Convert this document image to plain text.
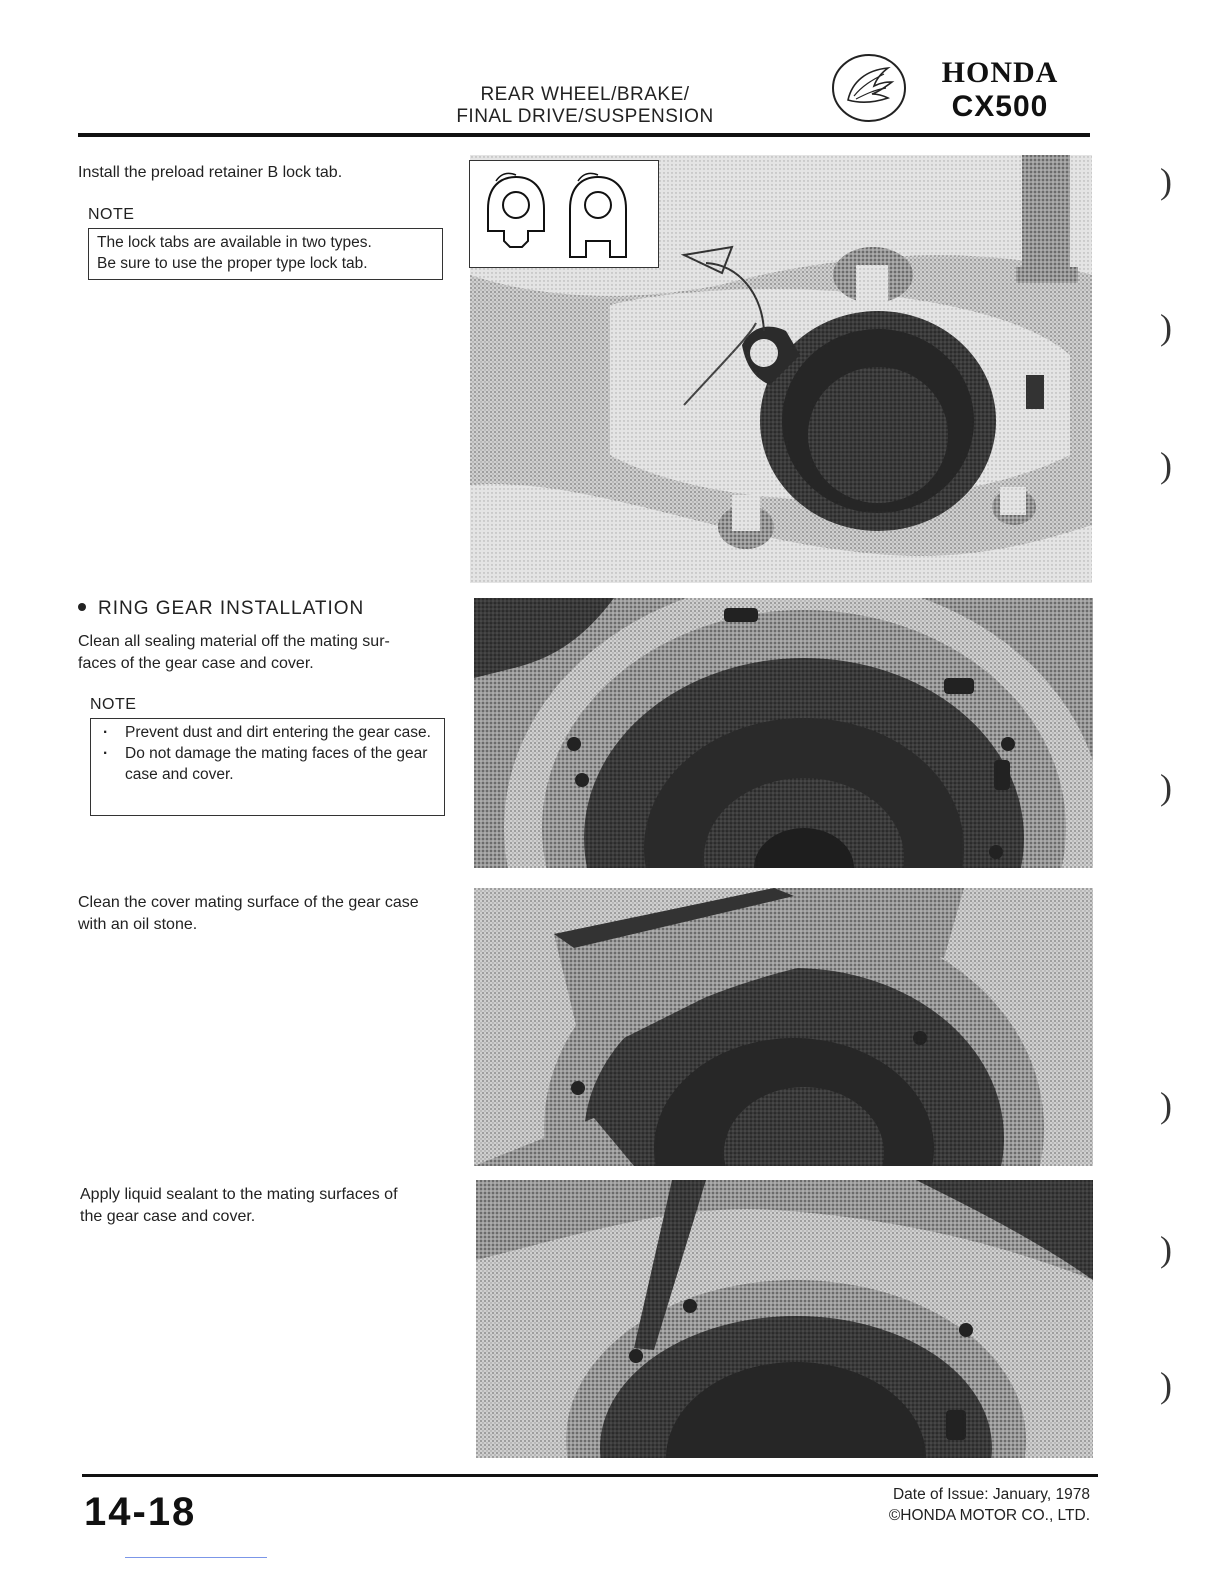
REAR WHEEL/BRAKE/
FINAL DRIVE/SUSPENSION
HONDA
CX500
Install the preload retainer B lock tab.
NOTE
The lock tabs are available in two types.
Be sure to use the proper type lock tab.
RING GEAR INSTALLATION
Clean all sealing material off the mating sur-
faces of the gear case and cover.
NOTE
· Prevent dust and dirt entering the gear case.
· Do not damage the mating faces of the gear case and cover.
Clean the cover mating surface of the gear case
with an oil stone.
Apply liquid sealant to the mating surfaces of
the gear case and cover.
)
)
)
)
)
)
)
14-18	Date of Issue: January, 1978
©HONDA MOTOR CO., LTD.
